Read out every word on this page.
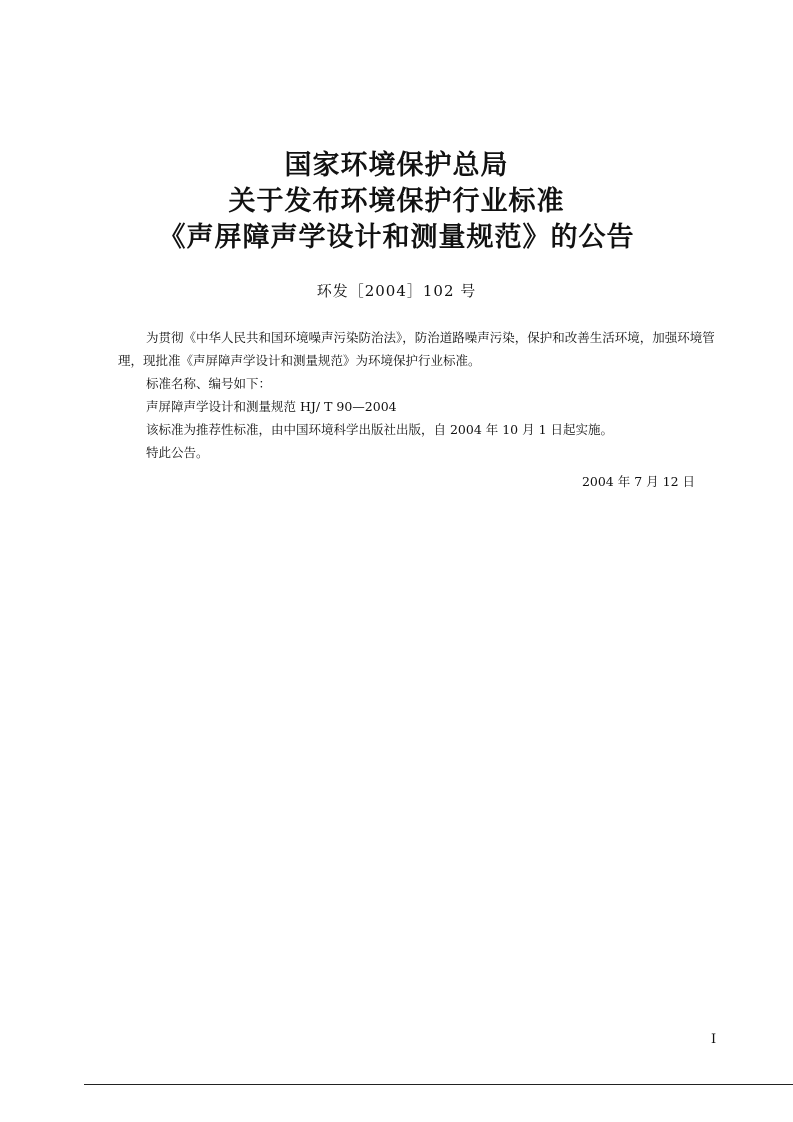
国家环境保护总局
关于发布环境保护行业标准
《声屏障声学设计和测量规范》的公告
环发［2004］102 号

为贯彻《中华人民共和国环境噪声污染防治法》，防治道路噪声污染，保护和改善生活环境，加强环境管理，现批准《声屏障声学设计和测量规范》为环境保护行业标准。

标准名称、编号如下：

声屏障声学设计和测量规范 HJ/ T 90—2004

该标准为推荐性标准，由中国环境科学出版社出版，自 2004 年 10 月 1 日起实施。

特此公告。

2004 年 7 月 12 日
I
